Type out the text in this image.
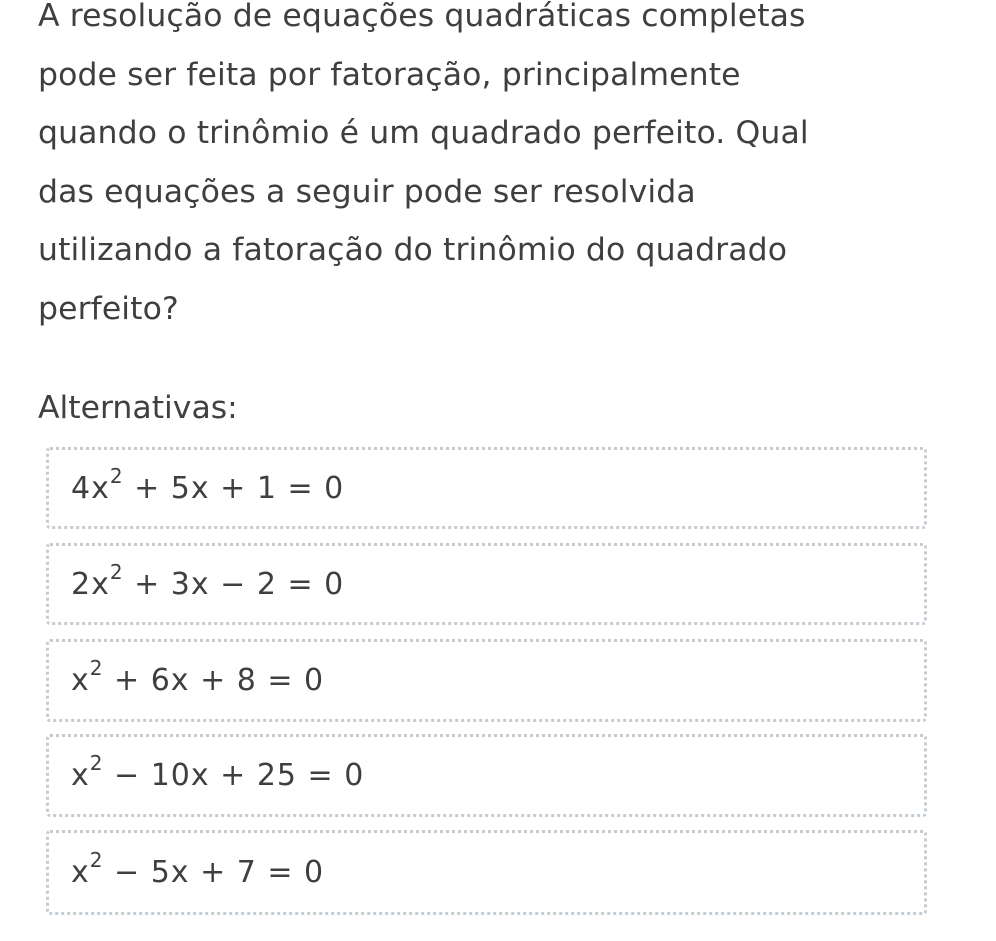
A resolução de equações quadráticas completas
pode ser feita por fatoração, principalmente
quando o trinômio é um quadrado perfeito. Qual
das equações a seguir pode ser resolvida
utilizando a fatoração do trinômio do quadrado
perfeito?
Alternativas:
$4x^2 + 5x + 1 = 0$
$2x^2 + 3x - 2 = 0$
$x^2 + 6x + 8 = 0$
$x^2 - 10x + 25 = 0$
$x^2 - 5x + 7 = 0$
